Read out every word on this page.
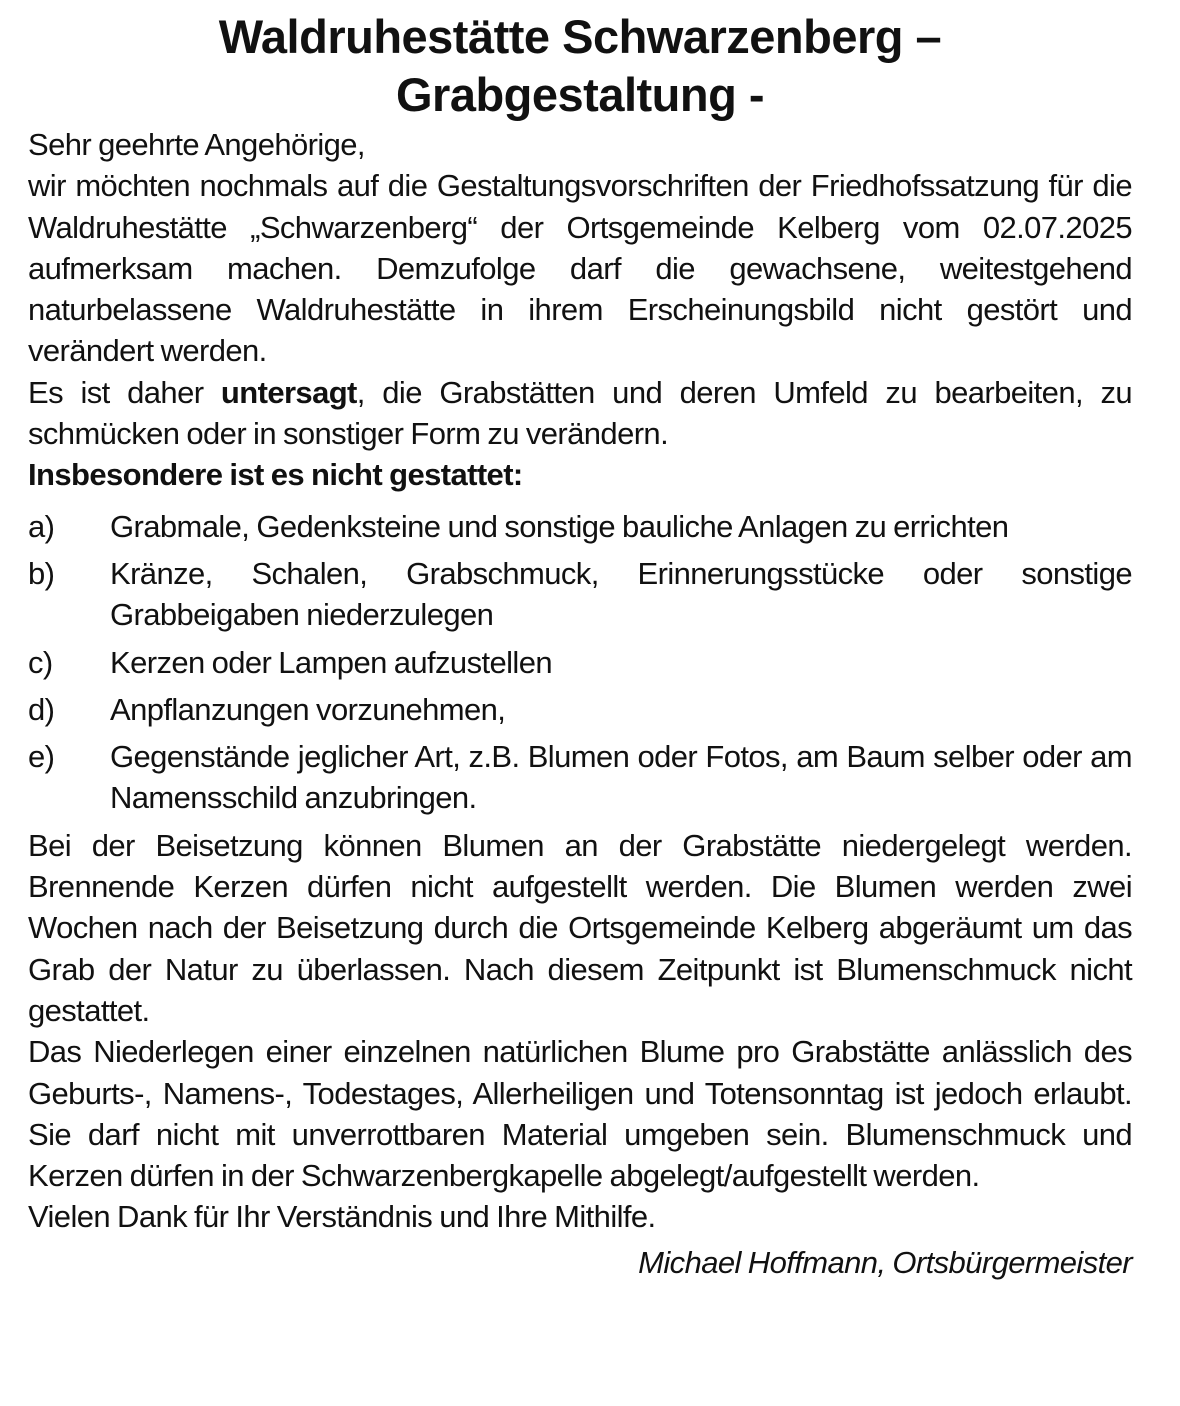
Waldruhestätte Schwarzenberg –
Grabgestaltung -

Sehr geehrte Angehörige,

wir möchten nochmals auf die Gestaltungsvorschriften der Friedhofssatzung für die Waldruhestätte „Schwarzenberg“ der Ortsgemeinde Kelberg vom 02.07.2025 aufmerksam machen. Demzufolge darf die gewachsene, weitestgehend naturbelassene Waldruhestätte in ihrem Erscheinungsbild nicht gestört und verändert werden.

Es ist daher untersagt, die Grabstätten und deren Umfeld zu bearbeiten, zu schmücken oder in sonstiger Form zu verändern.

Insbesondere ist es nicht gestattet:

a)	Grabmale, Gedenksteine und sonstige bauliche Anlagen zu errichten
b)	Kränze, Schalen, Grabschmuck, Erinnerungsstücke oder sonstige Grabbeigaben niederzulegen
c)	Kerzen oder Lampen aufzustellen
d)	Anpflanzungen vorzunehmen,
e)	Gegenstände jeglicher Art, z.B. Blumen oder Fotos, am Baum selber oder am Namensschild anzubringen.

Bei der Beisetzung können Blumen an der Grabstätte niedergelegt werden. Brennende Kerzen dürfen nicht aufgestellt werden. Die Blumen werden zwei Wochen nach der Beisetzung durch die Ortsgemeinde Kelberg abgeräumt um das Grab der Natur zu überlassen. Nach diesem Zeitpunkt ist Blumenschmuck nicht gestattet.

Das Niederlegen einer einzelnen natürlichen Blume pro Grabstätte anlässlich des Geburts-, Namens-, Todestages, Allerheiligen und Totensonntag ist jedoch erlaubt. Sie darf nicht mit unverrottbaren Material umgeben sein. Blumenschmuck und Kerzen dürfen in der Schwarzenbergkapelle abgelegt/aufgestellt werden.

Vielen Dank für Ihr Verständnis und Ihre Mithilfe.

Michael Hoffmann, Ortsbürgermeister
